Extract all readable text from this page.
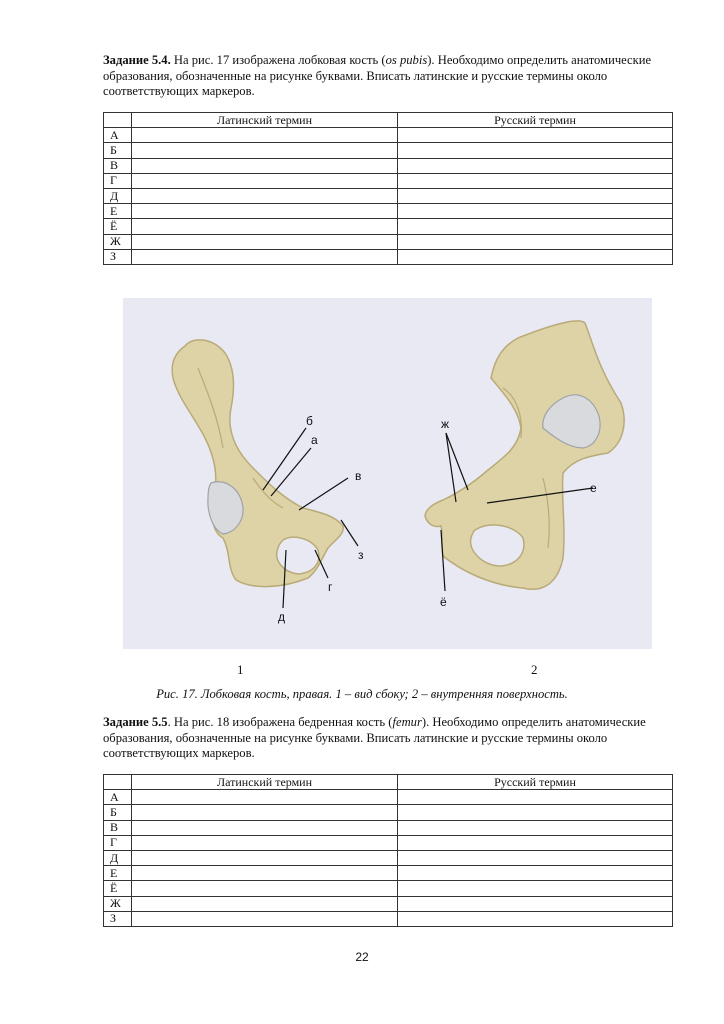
Задание 5.4. На рис. 17 изображена лобковая кость (os pubis). Необходимо определить анатомические образования, обозначенные на рисунке буквами. Вписать латинские и русские термины около соответствующих маркеров.
	Латинский термин	Русский термин
А		
Б		
В		
Г		
Д		
Е		
Ё		
Ж		
З		
б
а
в
з
г
д
ж
е
ё
1	2
Рис. 17. Лобковая кость, правая. 1 – вид сбоку; 2 – внутренняя поверхность.
Задание 5.5. На рис. 18 изображена бедренная кость (femur). Необходимо определить анатомические образования, обозначенные на рисунке буквами. Вписать латинские и русские термины около соответствующих маркеров.
	Латинский термин	Русский термин
А		
Б		
В		
Г		
Д		
Е		
Ё		
Ж		
З		
22
